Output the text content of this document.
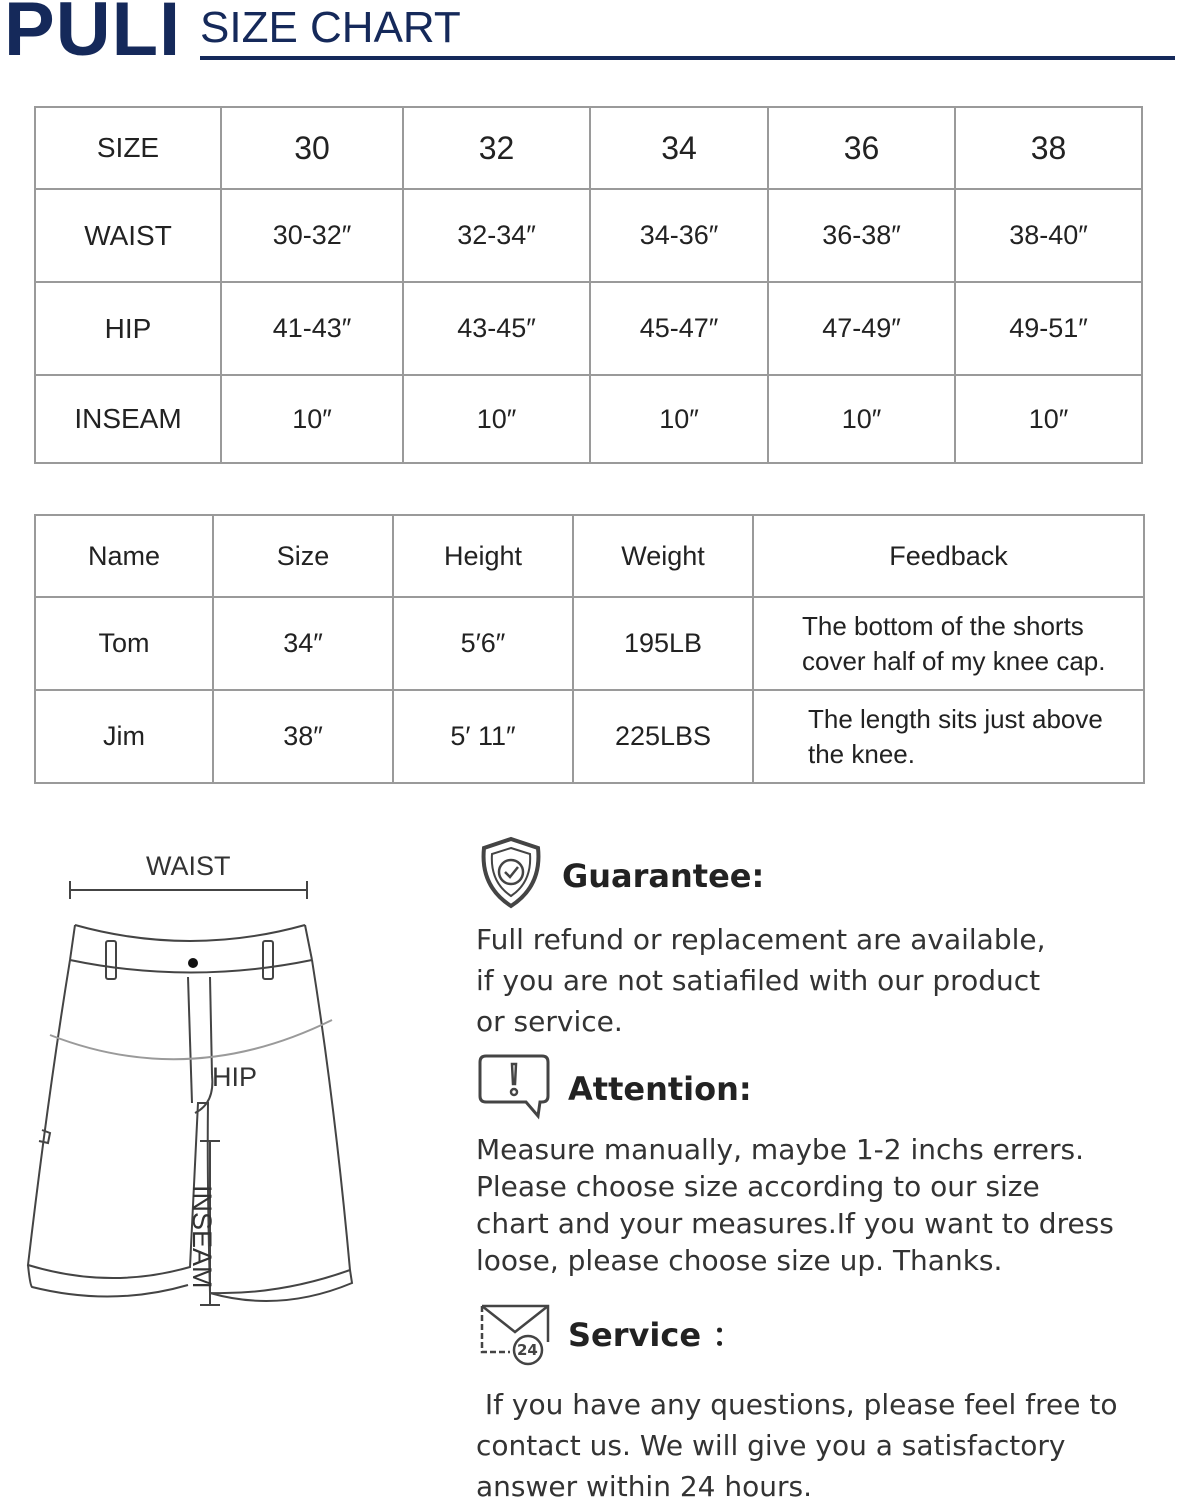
PULI SIZE CHART
SIZE	30	32	34	36	38
WAIST	30-32″	32-34″	34-36″	36-38″	38-40″
HIP	41-43″	43-45″	45-47″	47-49″	49-51″
INSEAM	10″	10″	10″	10″	10″
Name	Size	Height	Weight	Feedback
Tom	34″	5′6″	195LB	The bottom of the shorts
cover half of my knee cap.
Jim	38″	5′ 11″	225LBS	The length sits just above
the knee.
WAIST
HIP
INSEAM
Guarantee:

Full refund or replacement are available,
if you are not satiafiled with our product
or service.

Attention:

Measure manually, maybe 1-2 inchs errers.
Please choose size according to our size
chart and your measures.If you want to dress
loose, please choose size up. Thanks.

24 Service ：

If you have any questions, please feel free to
contact us. We will give you a satisfactory
answer within 24 hours.
